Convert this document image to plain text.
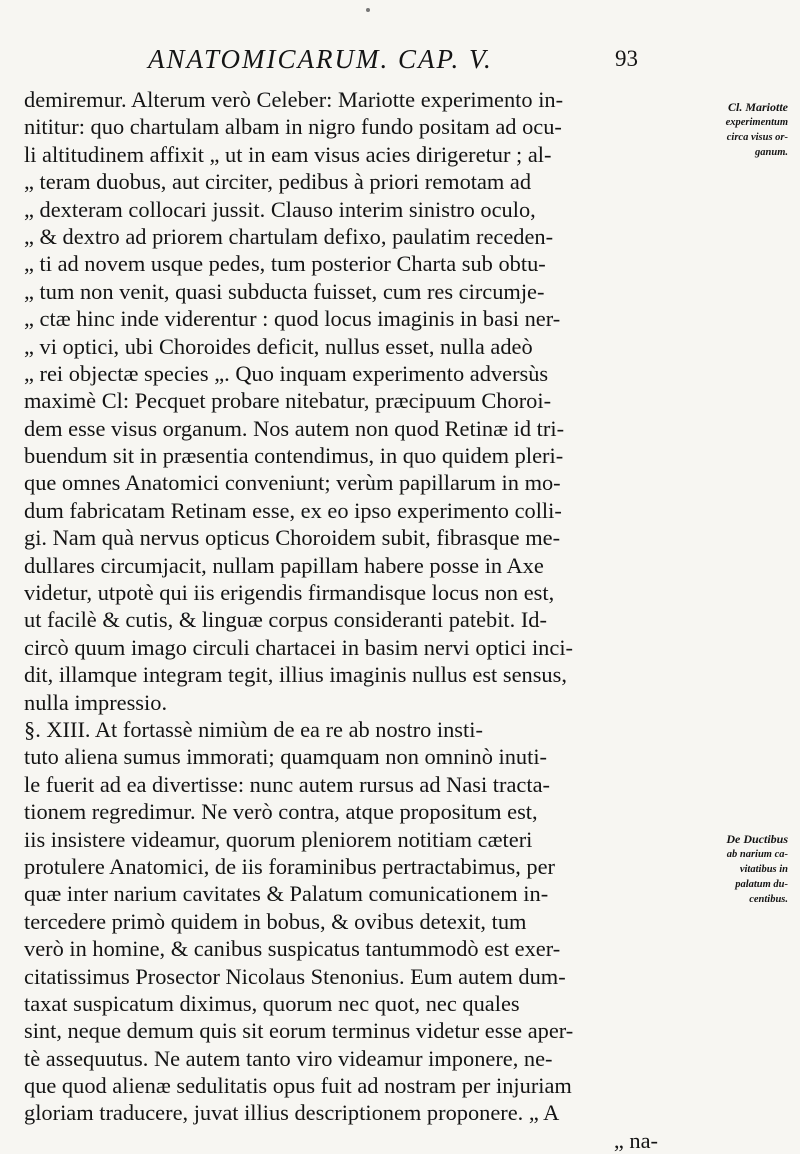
ANATOMICARUM. CAP. V.	93
demiremur. Alterum verò Celeber: Mariotte experimento in-
nititur: quo chartulam albam in nigro fundo positam ad ocu-
li altitudinem affixit „ ut in eam visus acies dirigeretur ; al-
„ teram duobus, aut circiter, pedibus à priori remotam ad
„ dexteram collocari jussit. Clauso interim sinistro oculo,
„ & dextro ad priorem chartulam defixo, paulatim receden-
„ ti ad novem usque pedes, tum posterior Charta sub obtu-
„ tum non venit, quasi subducta fuisset, cum res circumje-
„ ctæ hinc inde viderentur : quod locus imaginis in basi ner-
„ vi optici, ubi Choroides deficit, nullus esset, nulla adeò
„ rei objectæ species „. Quo inquam experimento adversùs
maximè Cl: Pecquet probare nitebatur, præcipuum Choroi-
dem esse visus organum. Nos autem non quod Retinæ id tri-
buendum sit in præsentia contendimus, in quo quidem pleri-
que omnes Anatomici conveniunt; verùm papillarum in mo-
dum fabricatam Retinam esse, ex eo ipso experimento colli-
gi. Nam quà nervus opticus Choroidem subit, fibrasque me-
dullares circumjacit, nullam papillam habere posse in Axe
videtur, utpotè qui iis erigendis firmandisque locus non est,
ut facilè & cutis, & linguæ corpus consideranti patebit. Id-
circò quum imago circuli chartacei in basim nervi optici inci-
dit, illamque integram tegit, illius imaginis nullus est sensus,
nulla impressio.
§. XIII. At fortassè nimiùm de ea re ab nostro insti-
tuto aliena sumus immorati; quamquam non omninò inuti-
le fuerit ad ea divertisse: nunc autem rursus ad Nasi tracta-
tionem regredimur. Ne verò contra, atque propositum est,
iis insistere videamur, quorum pleniorem notitiam cæteri
protulere Anatomici, de iis foraminibus pertractabimus, per
quæ inter narium cavitates & Palatum comunicationem in-
tercedere primò quidem in bobus, & ovibus detexit, tum
verò in homine, & canibus suspicatus tantummodò est exer-
citatissimus Prosector Nicolaus Stenonius. Eum autem dum-
taxat suspicatum diximus, quorum nec quot, nec quales
sint, neque demum quis sit eorum terminus videtur esse aper-
tè assequutus. Ne autem tanto viro videamur imponere, ne-
que quod alienæ sedulitatis opus fuit ad nostram per injuriam
gloriam traducere, juvat illius descriptionem proponere. „ A
„ na-
Cl. Mariotte
experimentum
circa visus or-
ganum.
De Ductibus
ab narium ca-
vitatibus in
palatum du-
centibus.
